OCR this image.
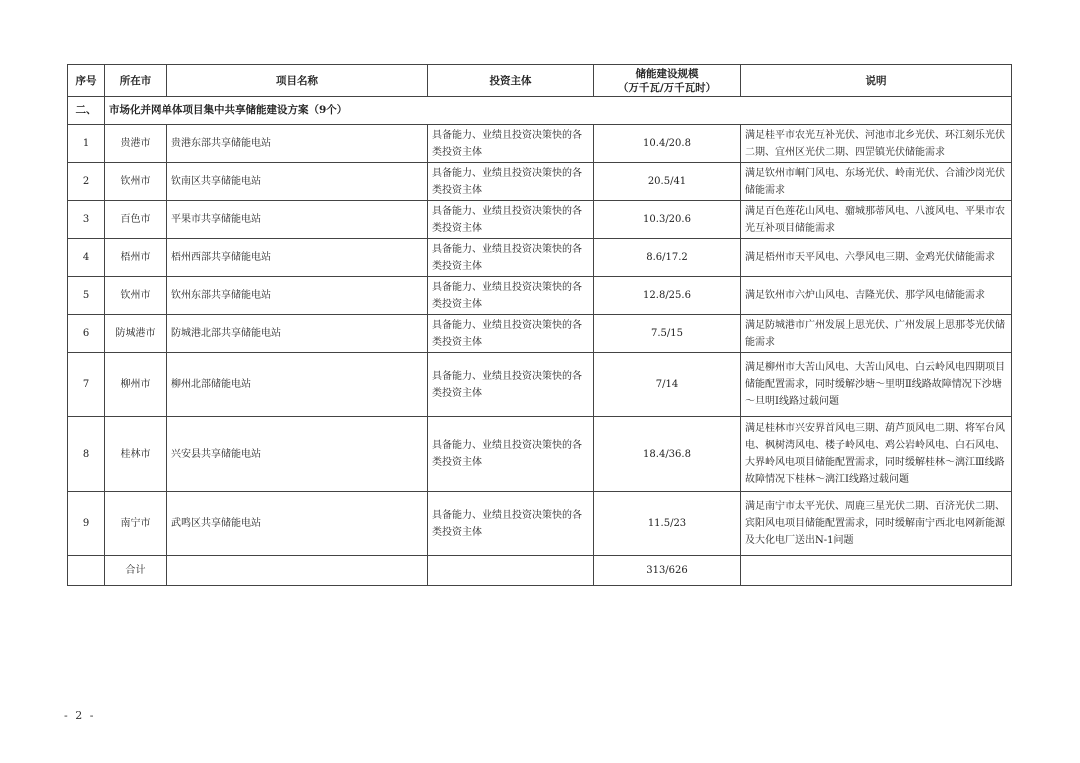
序号	所在市	项目名称	投资主体	储能建设规模
（万千瓦/万千瓦时）	说明
二、	市场化并网单体项目集中共享储能建设方案（9个）				
1	贵港市	贵港东部共享储能电站	具备能力、业绩且投资决策快的各类投资主体	10.4/20.8	满足桂平市农光互补光伏、河池市北乡光伏、环江刻乐光伏二期、宜州区光伏二期、四罡镇光伏储能需求
2	钦州市	钦南区共享储能电站	具备能力、业绩且投资决策快的各类投资主体	20.5/41	满足钦州市峒门风电、东场光伏、岭南光伏、合浦沙岗光伏储能需求
3	百色市	平果市共享储能电站	具备能力、业绩且投资决策快的各类投资主体	10.3/20.6	满足百色莲花山风电、骝城那蒂风电、八渡风电、平果市农光互补项目储能需求
4	梧州市	梧州西部共享储能电站	具备能力、业绩且投资决策快的各类投资主体	8.6/17.2	满足梧州市天平风电、六學风电三期、金鸡光伏储能需求
5	钦州市	钦州东部共享储能电站	具备能力、业绩且投资决策快的各类投资主体	12.8/25.6	满足钦州市六炉山风电、吉隆光伏、那学风电储能需求
6	防城港市	防城港北部共享储能电站	具备能力、业绩且投资决策快的各类投资主体	7.5/15	满足防城港市广州发展上思光伏、广州发展上思那苓光伏储能需求
7	柳州市	柳州北部储能电站	具备能力、业绩且投资决策快的各类投资主体	7/14	满足柳州市大苦山风电、大苦山风电、白云岭风电四期项目储能配置需求，同时缓解沙塘～里明Ⅱ线路故障情况下沙塘～旦明Ⅰ线路过载问题
8	桂林市	兴安县共享储能电站	具备能力、业绩且投资决策快的各类投资主体	18.4/36.8	满足桂林市兴安界首风电三期、葫芦顶风电二期、将军台风电、枫树湾风电、楼子岭风电、鸡公岩岭风电、白石风电、大界岭风电项目储能配置需求，同时缓解桂林～漓江Ⅲ线路故障情况下桂林～漓江Ⅰ线路过载问题
9	南宁市	武鸣区共享储能电站	具备能力、业绩且投资决策快的各类投资主体	11.5/23	满足南宁市太平光伏、周鹿三星光伏二期、百济光伏二期、宾阳风电项目储能配置需求，同时缓解南宁西北电网新能源及大化电厂送出N-1问题
	合计			313/626	
- 2 -
